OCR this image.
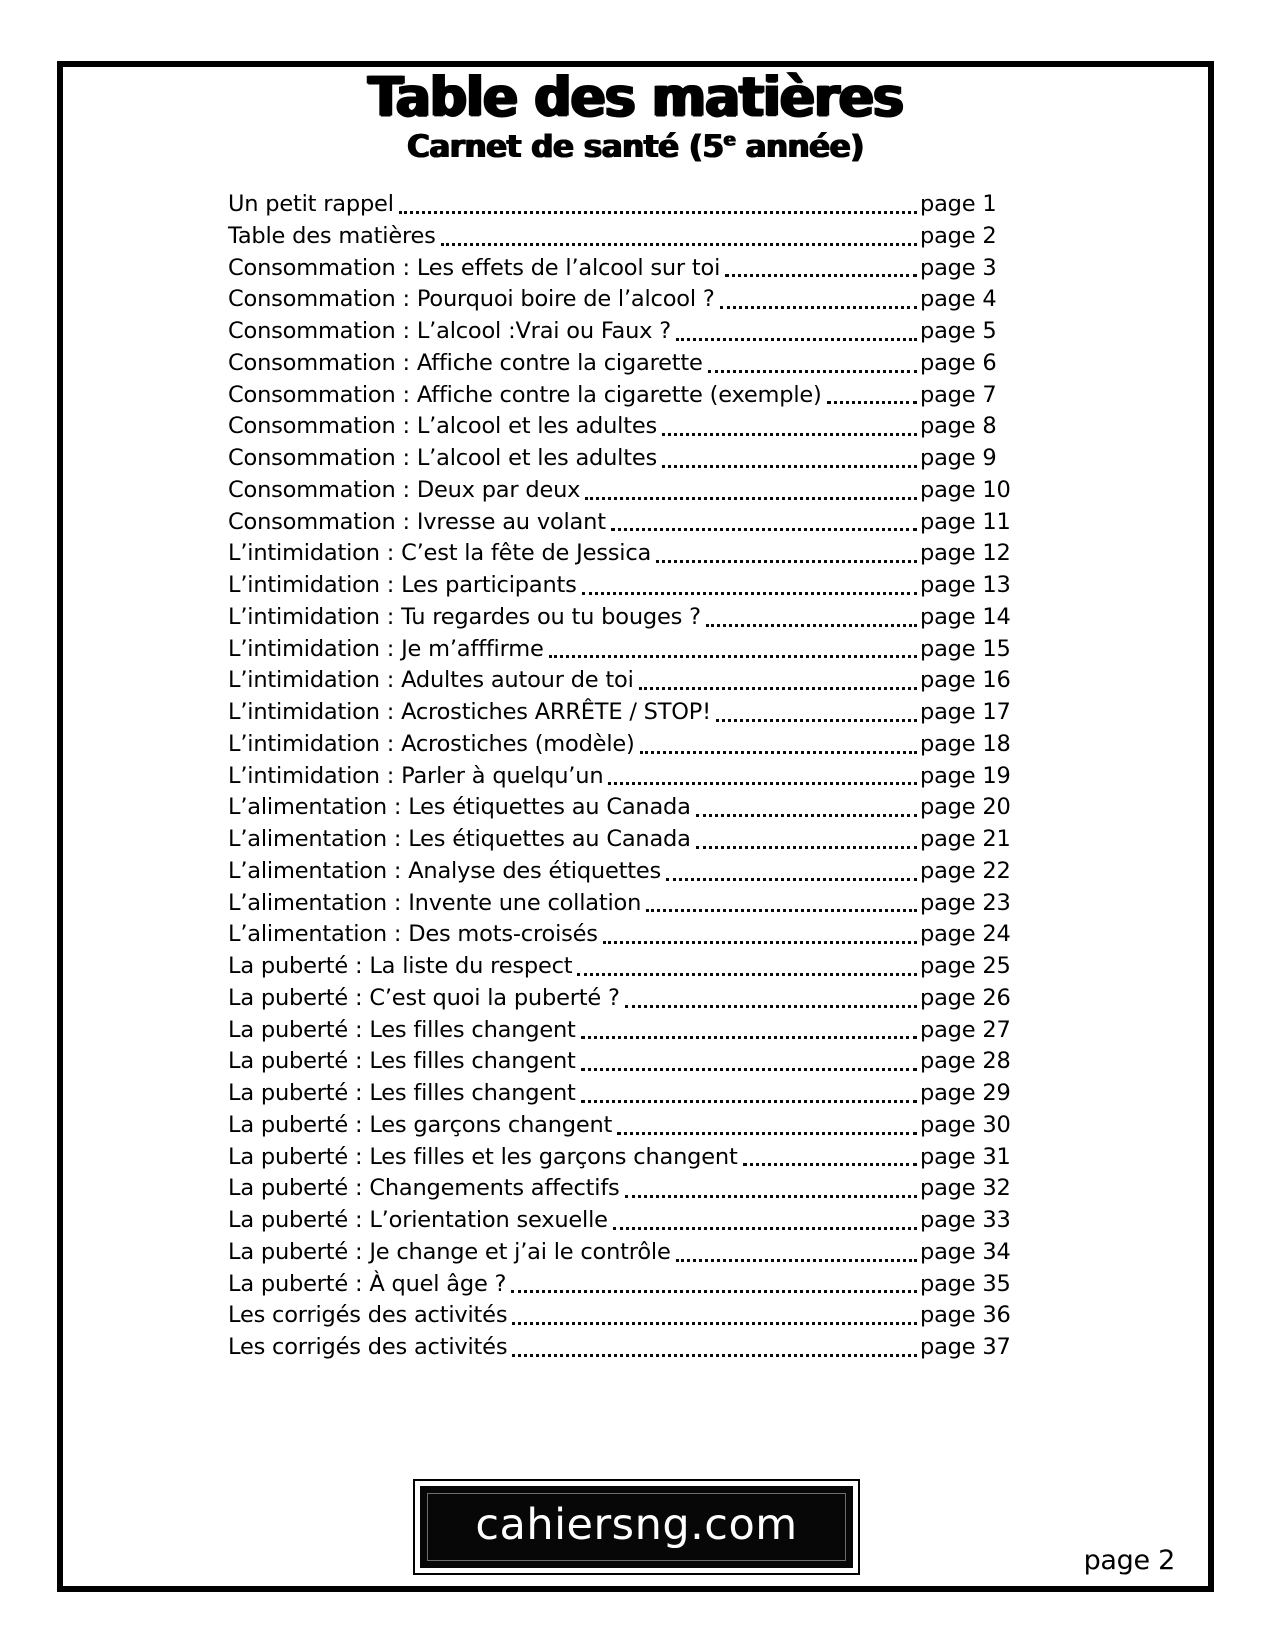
Table des matières
Carnet de santé (5e année)
Un petit rappel	page 1
Table des matières	page 2
Consommation : Les effets de l’alcool sur toi	page 3
Consommation : Pourquoi boire de l’alcool ?	page 4
Consommation : L’alcool :Vrai ou Faux ?	page 5
Consommation : Affiche contre la cigarette	page 6
Consommation : Affiche contre la cigarette (exemple)	page 7
Consommation : L’alcool et les adultes	page 8
Consommation : L’alcool et les adultes	page 9
Consommation : Deux par deux	page 10
Consommation : Ivresse au volant	page 11
L’intimidation : C’est la fête de Jessica	page 12
L’intimidation : Les participants	page 13
L’intimidation : Tu regardes ou tu bouges ?	page 14
L’intimidation : Je m’afffirme	page 15
L’intimidation : Adultes autour de toi	page 16
L’intimidation : Acrostiches ARRÊTE / STOP!	page 17
L’intimidation : Acrostiches (modèle)	page 18
L’intimidation : Parler à quelqu’un	page 19
L’alimentation : Les étiquettes au Canada	page 20
L’alimentation : Les étiquettes au Canada	page 21
L’alimentation : Analyse des étiquettes	page 22
L’alimentation : Invente une collation	page 23
L’alimentation : Des mots-croisés	page 24
La puberté : La liste du respect	page 25
La puberté : C’est quoi la puberté ?	page 26
La puberté : Les filles changent	page 27
La puberté : Les filles changent	page 28
La puberté : Les filles changent	page 29
La puberté : Les garçons changent	page 30
La puberté : Les filles et les garçons changent	page 31
La puberté : Changements affectifs	page 32
La puberté : L’orientation sexuelle	page 33
La puberté : Je change et j’ai le contrôle	page 34
La puberté : À quel âge ?	page 35
Les corrigés des activités	page 36
Les corrigés des activités	page 37
cahiersng.com
page 2
